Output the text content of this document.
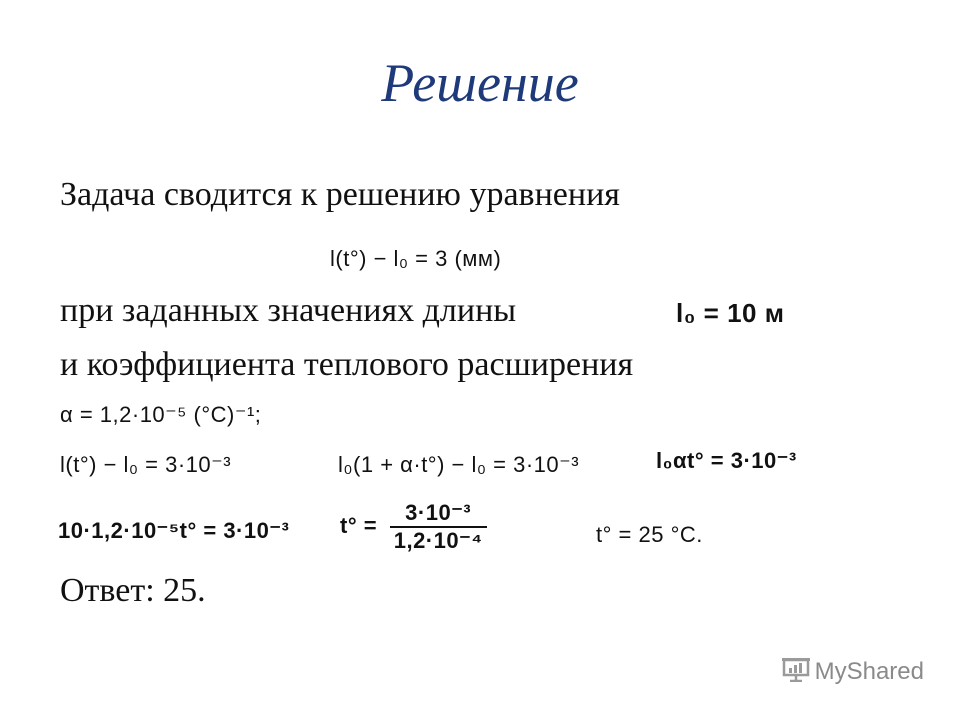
Решение
Задача сводится к решению уравнения
l(t°) − l₀ = 3 (мм)
при заданных значениях длины	l₀ = 10 м
и коэффициента теплового расширения
α = 1,2·10⁻⁵ (°C)⁻¹;
l(t°) − l₀ = 3·10⁻³	l₀(1 + α·t°) − l₀ = 3·10⁻³	l₀αt° = 3·10⁻³
10·1,2·10⁻⁵t° = 3·10⁻³ $t^\circ = \frac{\text{3·10⁻³}}{\text{1,2·10⁻⁴}}$	t° = 25 °C.
Ответ: 25.
MyShared
